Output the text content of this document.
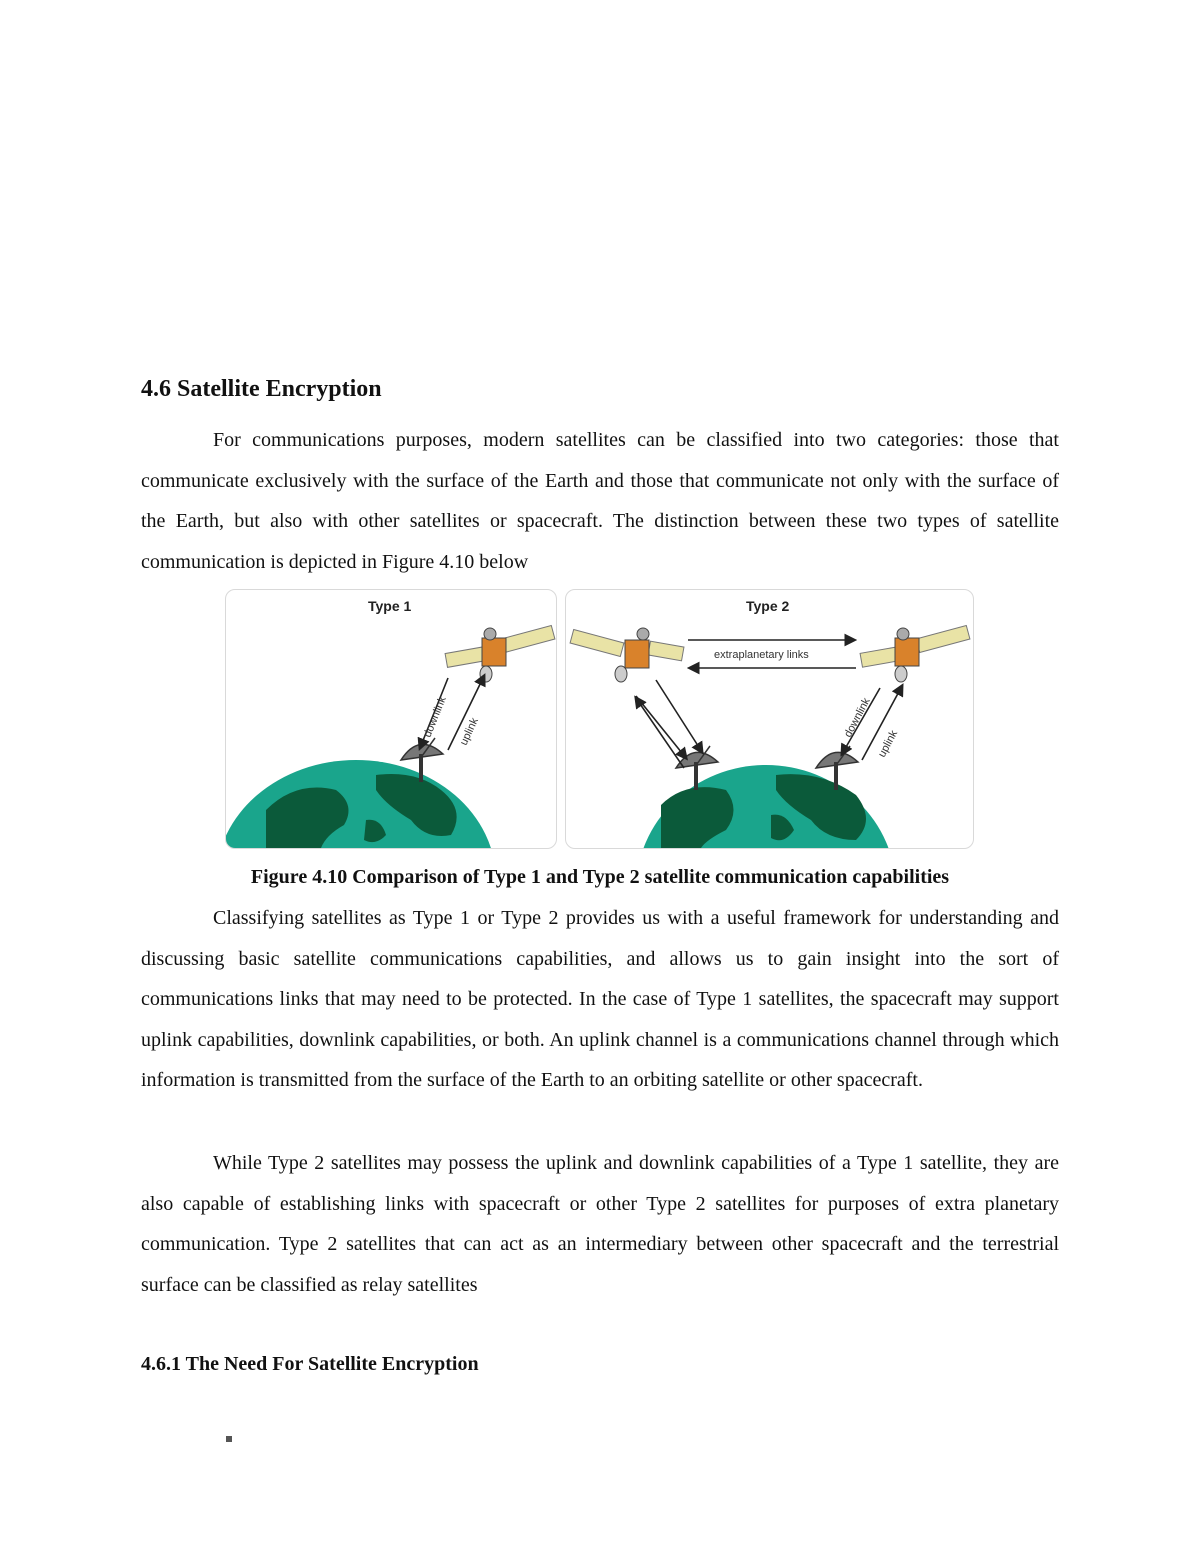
4.6 Satellite Encryption

For communications purposes, modern satellites can be classified into two categories: those that communicate exclusively with the surface of the Earth and those that communicate not only with the surface of the Earth, but also with other satellites or spacecraft. The distinction between these two types of satellite communication is depicted in Figure 4.10 below

downlink uplink
Type 1
extraplanetary links
downlink
uplink
Type 2

Figure 4.10 Comparison of Type 1 and Type 2 satellite communication capabilities

Classifying satellites as Type 1 or Type 2 provides us with a useful framework for understanding and discussing basic satellite communications capabilities, and allows us to gain insight into the sort of communications links that may need to be protected. In the case of Type 1 satellites, the spacecraft may support uplink capabilities, downlink capabilities, or both. An uplink channel is a communications channel through which information is transmitted from the surface of the Earth to an orbiting satellite or other spacecraft.

While Type 2 satellites may possess the uplink and downlink capabilities of a Type 1 satellite, they are also capable of establishing links with spacecraft or other Type 2 satellites for purposes of extra planetary communication. Type 2 satellites that can act as an intermediary between other spacecraft and the terrestrial surface can be classified as relay satellites

4.6.1 The Need For Satellite Encryption
